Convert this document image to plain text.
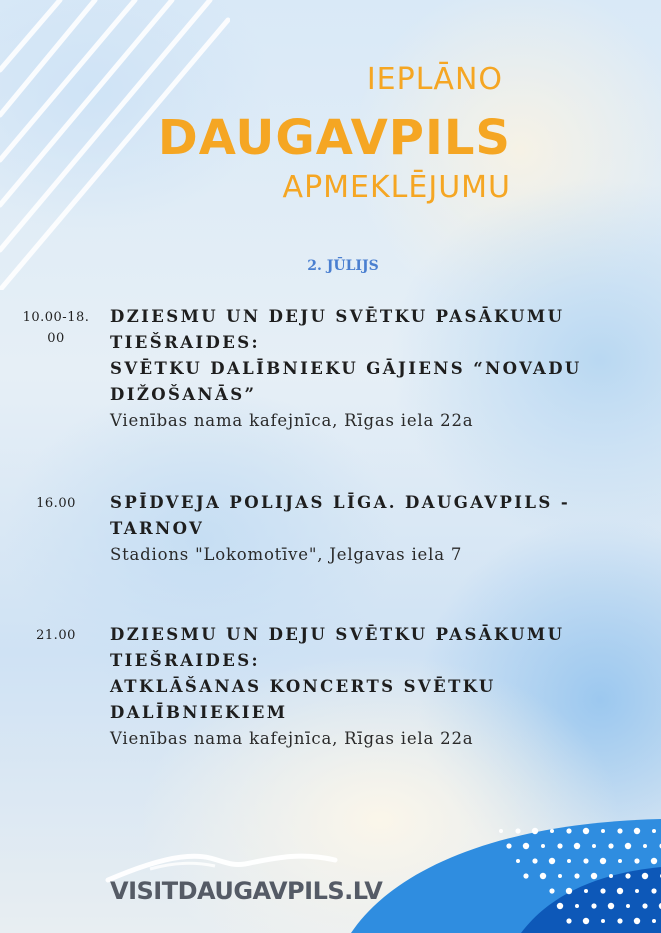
IEPLĀNO

DAUGAVPILS

APMEKLĒJUMU

2. JŪLIJS

10.00-18.
00

DZIESMU UN DEJU SVĒTKU PASĀKUMU

TIEŠRAIDES:

SVĒTKU DALĪBNIEKU GĀJIENS “NOVADU

DIŽOŠANĀS”

Vienības nama kafejnīca, Rīgas iela 22a

16.00	SPĪDVEJA POLIJAS LĪGA. DAUGAVPILS -

TARNOV

Stadions "Lokomotīve", Jelgavas iela 7

21.00	DZIESMU UN DEJU SVĒTKU PASĀKUMU

TIEŠRAIDES:

ATKLĀŠANAS KONCERTS SVĒTKU

DALĪBNIEKIEM

Vienības nama kafejnīca, Rīgas iela 22a

VISITDAUGAVPILS.LV
